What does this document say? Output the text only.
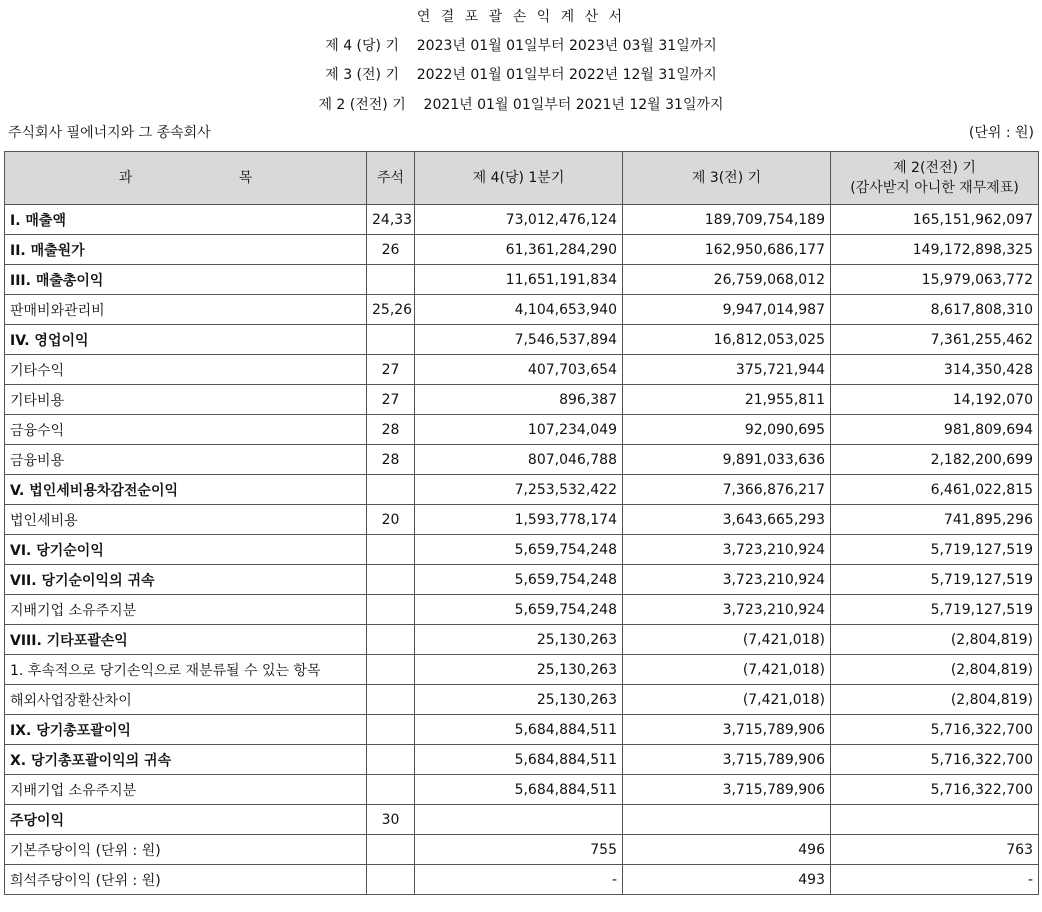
연 결 포 괄 손 익 계 산 서
제 4 (당) 기    2023년 01월 01일부터 2023년 03월 31일까지
제 3 (전) 기    2022년 01월 01일부터 2022년 12월 31일까지
제 2 (전전) 기    2021년 01월 01일부터 2021년 12월 31일까지
주식회사 필에너지와 그 종속회사	(단위 : 원)
과 목	주석	제 4(당) 1분기	제 3(전) 기	제 2(전전) 기
(감사받지 아니한 재무제표)

I. 매출액	24,33	73,012,476,124	189,709,754,189	165,151,962,097
II. 매출원가	26	61,361,284,290	162,950,686,177	149,172,898,325
III. 매출총이익		11,651,191,834	26,759,068,012	15,979,063,772
판매비와관리비	25,26	4,104,653,940	9,947,014,987	8,617,808,310
IV. 영업이익		7,546,537,894	16,812,053,025	7,361,255,462
기타수익	27	407,703,654	375,721,944	314,350,428
기타비용	27	896,387	21,955,811	14,192,070
금융수익	28	107,234,049	92,090,695	981,809,694
금융비용	28	807,046,788	9,891,033,636	2,182,200,699
V. 법인세비용차감전순이익		7,253,532,422	7,366,876,217	6,461,022,815
법인세비용	20	1,593,778,174	3,643,665,293	741,895,296
VI. 당기순이익		5,659,754,248	3,723,210,924	5,719,127,519
VII. 당기순이익의 귀속		5,659,754,248	3,723,210,924	5,719,127,519
지배기업 소유주지분		5,659,754,248	3,723,210,924	5,719,127,519
VIII. 기타포괄손익		25,130,263	(7,421,018)	(2,804,819)
1. 후속적으로 당기손익으로 재분류될 수 있는 항목		25,130,263	(7,421,018)	(2,804,819)
해외사업장환산차이		25,130,263	(7,421,018)	(2,804,819)
IX. 당기총포괄이익		5,684,884,511	3,715,789,906	5,716,322,700
X. 당기총포괄이익의 귀속		5,684,884,511	3,715,789,906	5,716,322,700
지배기업 소유주지분		5,684,884,511	3,715,789,906	5,716,322,700
주당이익	30			
기본주당이익 (단위 : 원)		755	496	763
희석주당이익 (단위 : 원)		-	493	-
